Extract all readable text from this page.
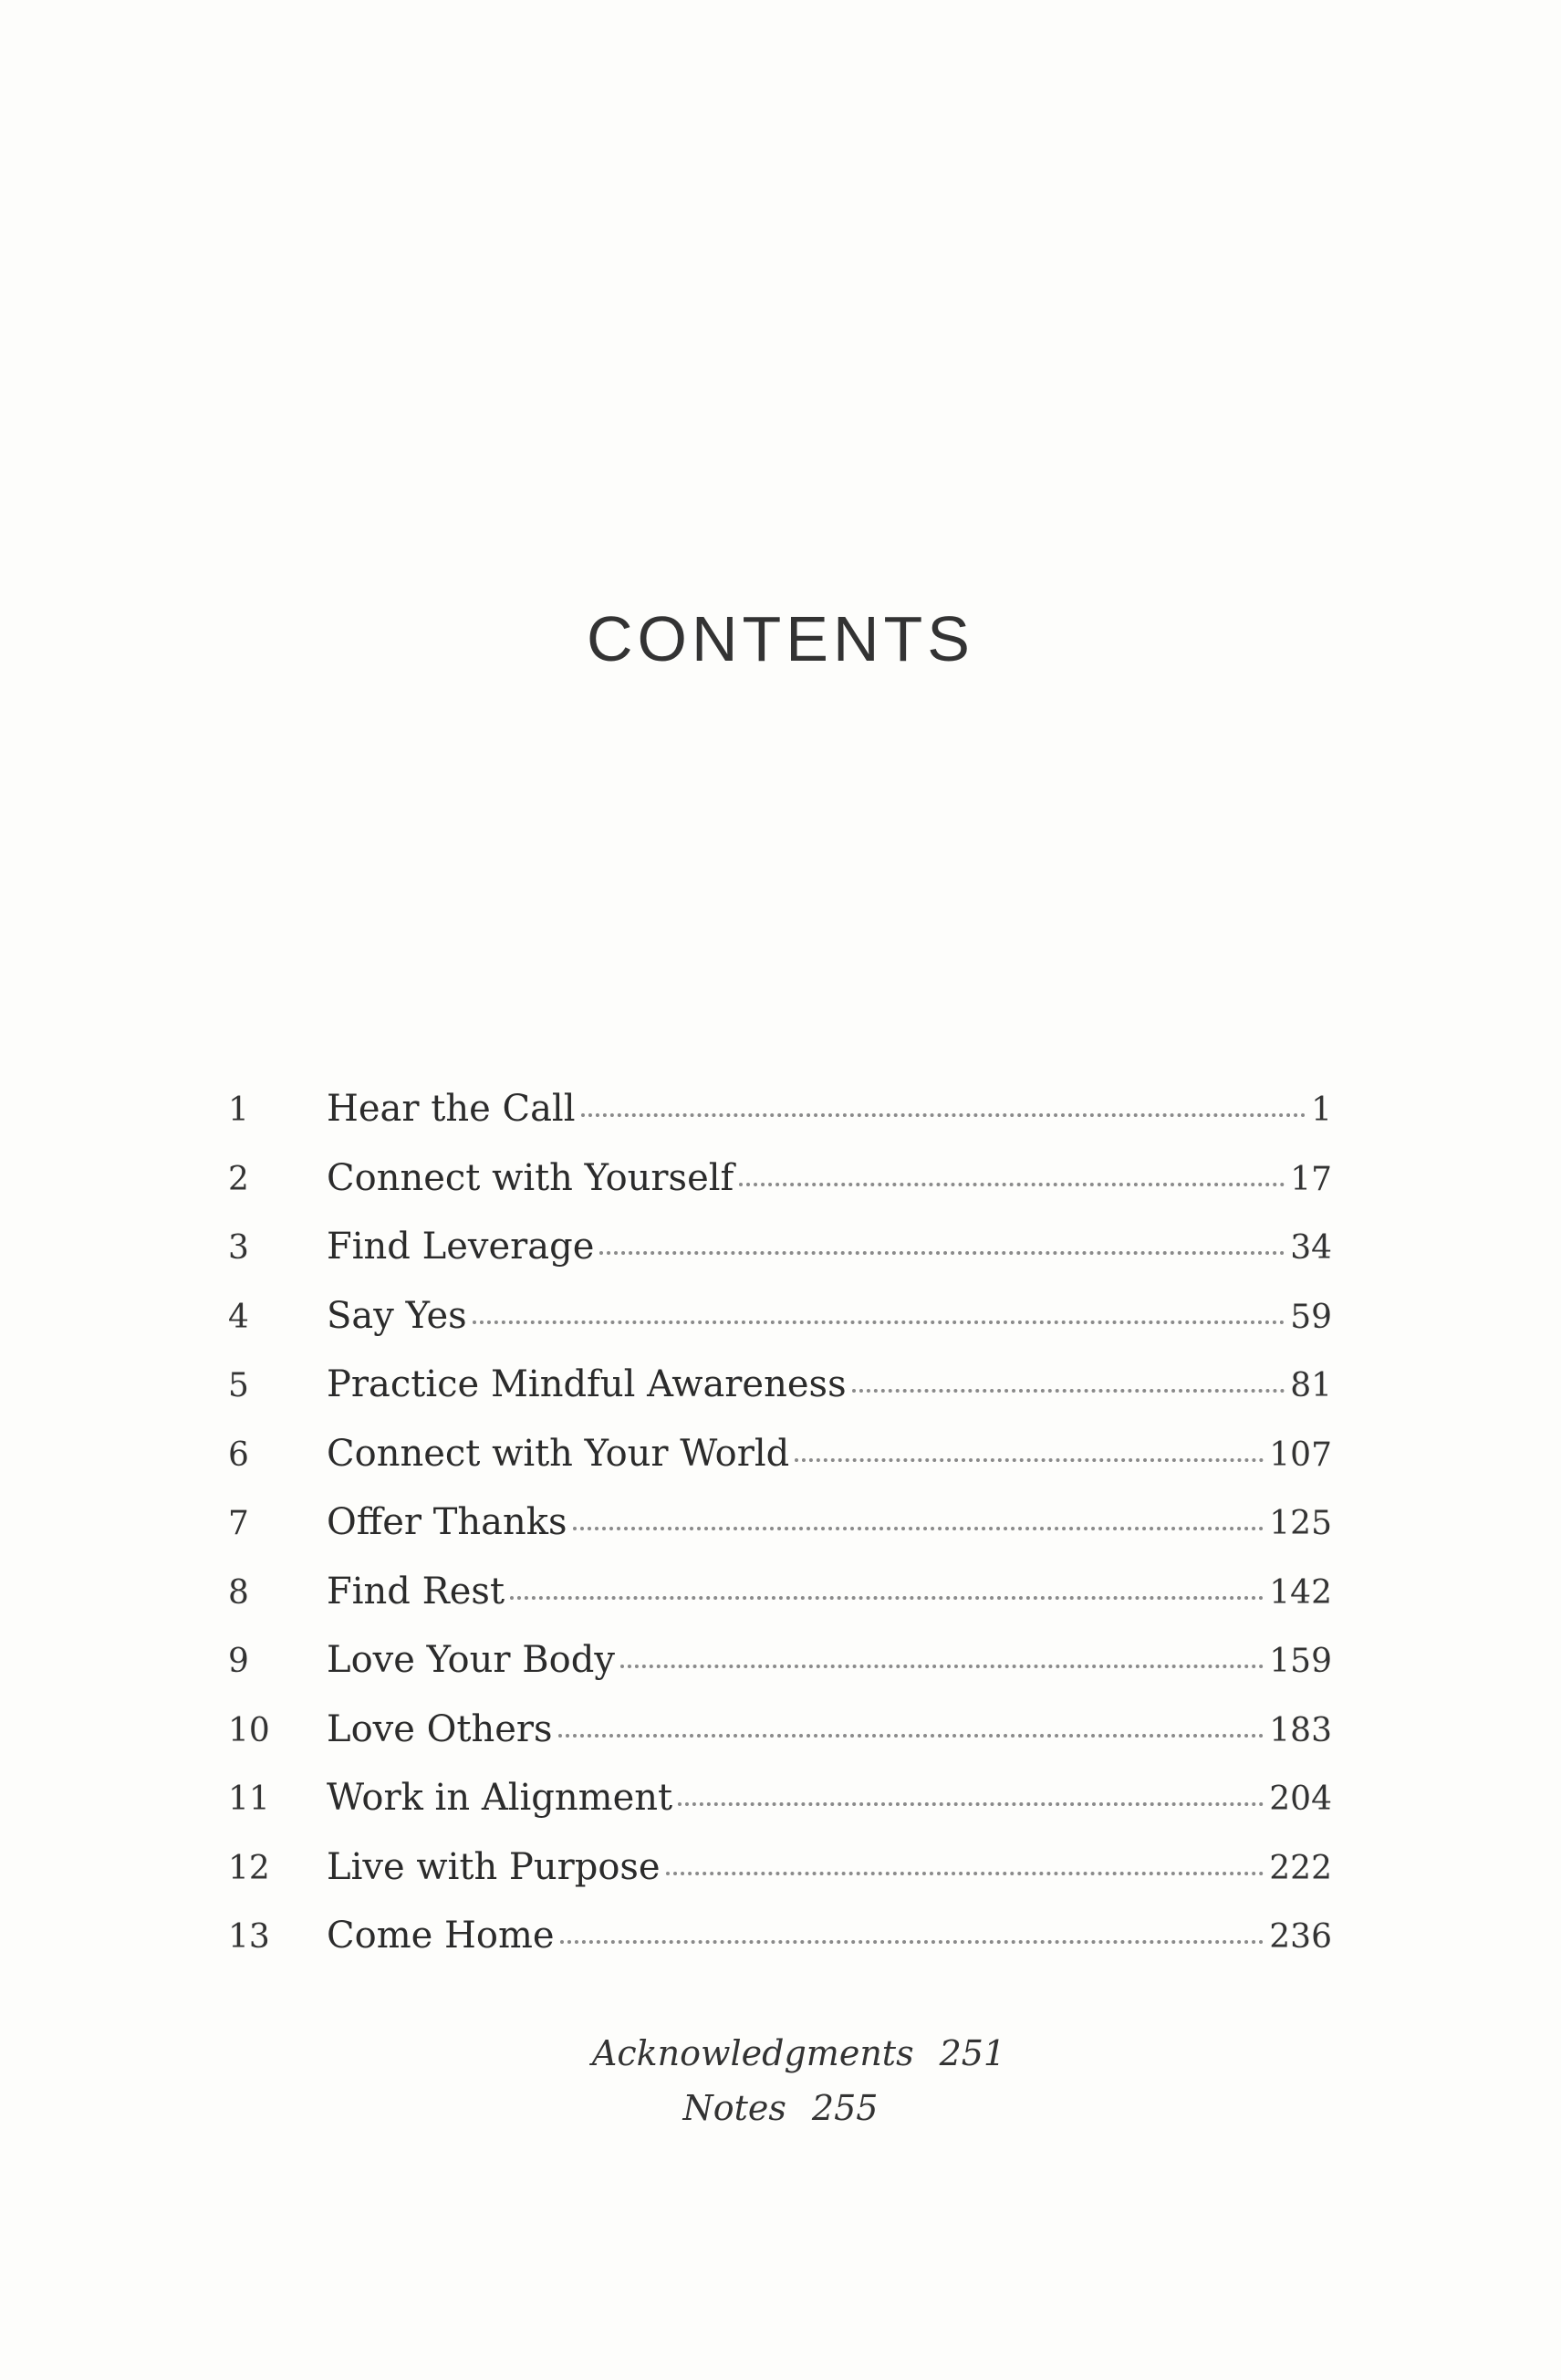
CONTENTS
1	Hear the Call	1
2	Connect with Yourself	17
3	Find Leverage	34
4	Say Yes	59
5	Practice Mindful Awareness	81
6	Connect with Your World	107
7	Offer Thanks	125
8	Find Rest	142
9	Love Your Body	159
10	Love Others	183
11	Work in Alignment	204
12	Live with Purpose	222
13	Come Home	236
Acknowledgments 251
Notes 255
